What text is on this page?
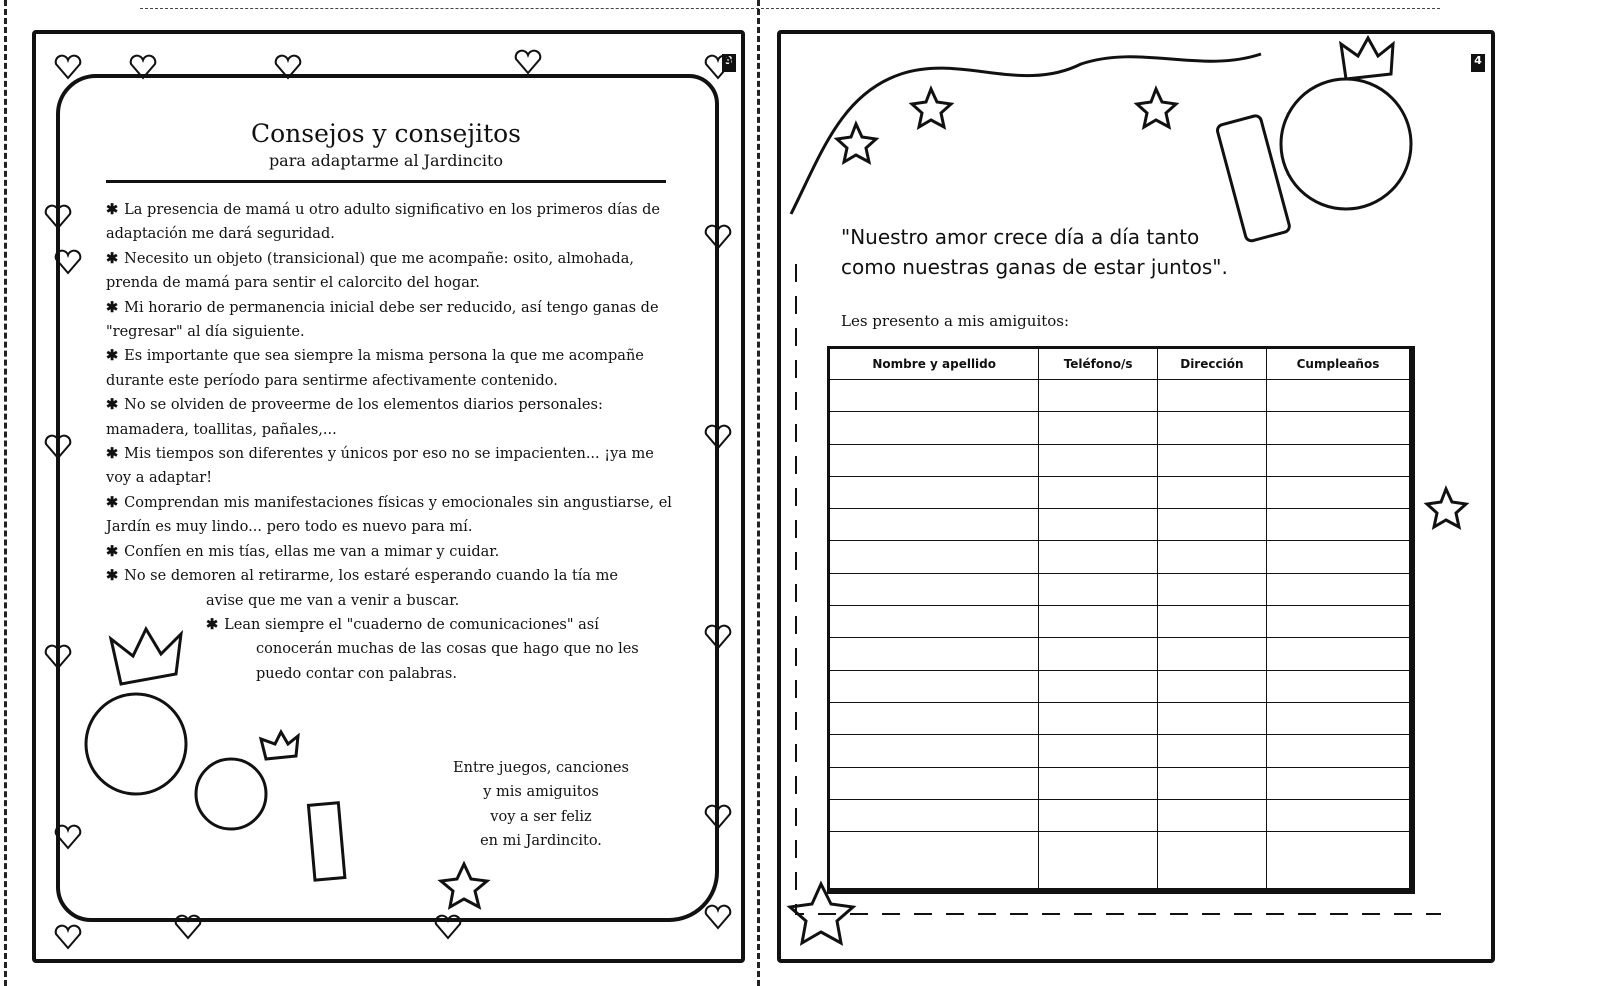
3
Consejos y consejitos
para adaptarme al Jardincito
✱ La presencia de mamá u otro adulto significativo en los primeros días de adaptación me dará seguridad.
✱ Necesito un objeto (transicional) que me acompañe: osito, almohada, prenda de mamá para sentir el calorcito del hogar.
✱ Mi horario de permanencia inicial debe ser reducido, así tengo ganas de "regresar" al día siguiente.
✱ Es importante que sea siempre la misma persona la que me acompañe durante este período para sentirme afectivamente contenido.
✱ No se olviden de proveerme de los elementos diarios personales: mamadera, toallitas, pañales,...
✱ Mis tiempos son diferentes y únicos por eso no se impacienten... ¡ya me voy a adaptar!
✱ Comprendan mis manifestaciones físicas y emocionales sin angustiarse, el Jardín es muy lindo... pero todo es nuevo para mí.
✱ Confíen en mis tías, ellas me van a mimar y cuidar.
✱ No se demoren al retirarme, los estaré esperando cuando la tía me
avise que me van a venir a buscar.
✱ Lean siempre el "cuaderno de comunicaciones" así
conocerán muchas de las cosas que hago que no les puedo contar con palabras.
Entre juegos, canciones
y mis amiguitos
voy a ser feliz
en mi Jardincito.
4
"Nuestro amor crece día a día tanto
como nuestras ganas de estar juntos".
Les presento a mis amiguitos:
Nombre y apellido	Teléfono/s	Dirección	Cumpleaños
